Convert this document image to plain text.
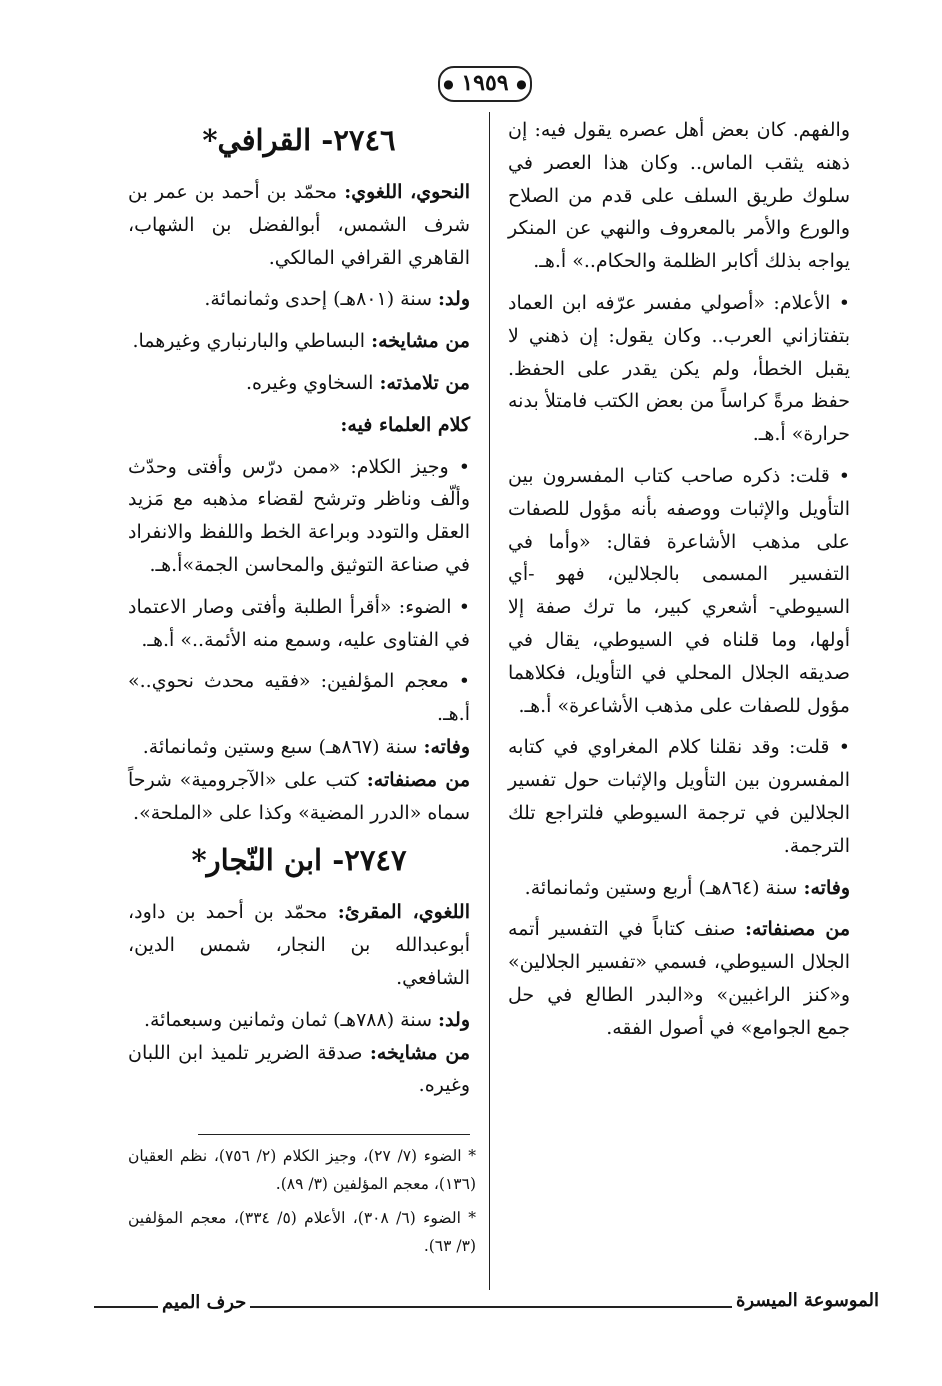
● ١٩٥٩ ●

والفهم. كان بعض أهل عصره يقول فيه: إن ذهنه يثقب الماس.. وكان هذا العصر في سلوك طريق السلف على قدم من الصلاح والورع والأمر بالمعروف والنهي عن المنكر يواجه بذلك أكابر الظلمة والحكام..» أ.هـ.

• الأعلام: «أصولي مفسر عرّفه ابن العماد بتفتازاني العرب.. وكان يقول: إن ذهني لا يقبل الخطأ، ولم يكن يقدر على الحفظ. حفظ مرةً كراساً من بعض الكتب فامتلأ بدنه حرارة» أ.هـ.

• قلت: ذكره صاحب كتاب المفسرون بين التأويل والإثبات ووصفه بأنه مؤول للصفات على مذهب الأشاعرة فقال: «وأما في التفسير المسمى بالجلالين، فهو -أي السيوطي- أشعري كبير، ما ترك صفة إلا أولها، وما قلناه في السيوطي، يقال في صديقه الجلال المحلي في التأويل، فكلاهما مؤول للصفات على مذهب الأشاعرة» أ.هـ.

• قلت: وقد نقلنا كلام المغراوي في كتابه المفسرون بين التأويل والإثبات حول تفسير الجلالين في ترجمة السيوطي فلتراجع تلك الترجمة.

وفاته: سنة (٨٦٤هـ) أربع وستين وثمانمائة.

من مصنفاته: صنف كتاباً في التفسير أتمه الجلال السيوطي، فسمي «تفسير الجلالين» و«كنز الراغبين» و«البدر الطالع في حل جمع الجوامع» في أصول الفقه.

٢٧٤٦- القرافي*

النحوي، اللغوي: محمّد بن أحمد بن عمر بن شرف الشمس، أبوالفضل بن الشهاب، القاهري القرافي المالكي.

ولد: سنة (٨٠١هـ) إحدى وثمانمائة.

من مشايخه: البساطي والبارنباري وغيرهما.

من تلامذته: السخاوي وغيره.

كلام العلماء فيه:

• وجيز الكلام: «ممن درّس وأفتى وحدّث وألّف وناظر وترشح لقضاء مذهبه مع مَزيد العقل والتودد وبراعة الخط واللفظ والانفراد في صناعة التوثيق والمحاسن الجمة»أ.هـ.

• الضوء: «أقرأ الطلبة وأفتى وصار الاعتماد في الفتاوى عليه، وسمع منه الأئمة..» أ.هـ.

• معجم المؤلفين: «فقيه محدث نحوي..» أ.هـ.

وفاته: سنة (٨٦٧هـ) سبع وستين وثمانمائة.

من مصنفاته: كتب على «الآجرومية» شرحاً سماه «الدرر المضية» وكذا على «الملحة».

٢٧٤٧- ابن النّجار*

اللغوي، المقرئ: محمّد بن أحمد بن داود، أبوعبدالله بن النجار، شمس الدين، الشافعي.

ولد: سنة (٧٨٨هـ) ثمان وثمانين وسبعمائة.

من مشايخه: صدقة الضرير تلميذ ابن اللبان وغيره.

* الضوء (٧/ ٢٧)، وجيز الكلام (٢/ ٧٥٦)، نظم العقيان (١٣٦)، معجم المؤلفين (٣/ ٨٩).

* الضوء (٦/ ٣٠٨)، الأعلام (٥/ ٣٣٤)، معجم المؤلفين (٣/ ٦٣).

حرف الميم	الموسوعة الميسرة
